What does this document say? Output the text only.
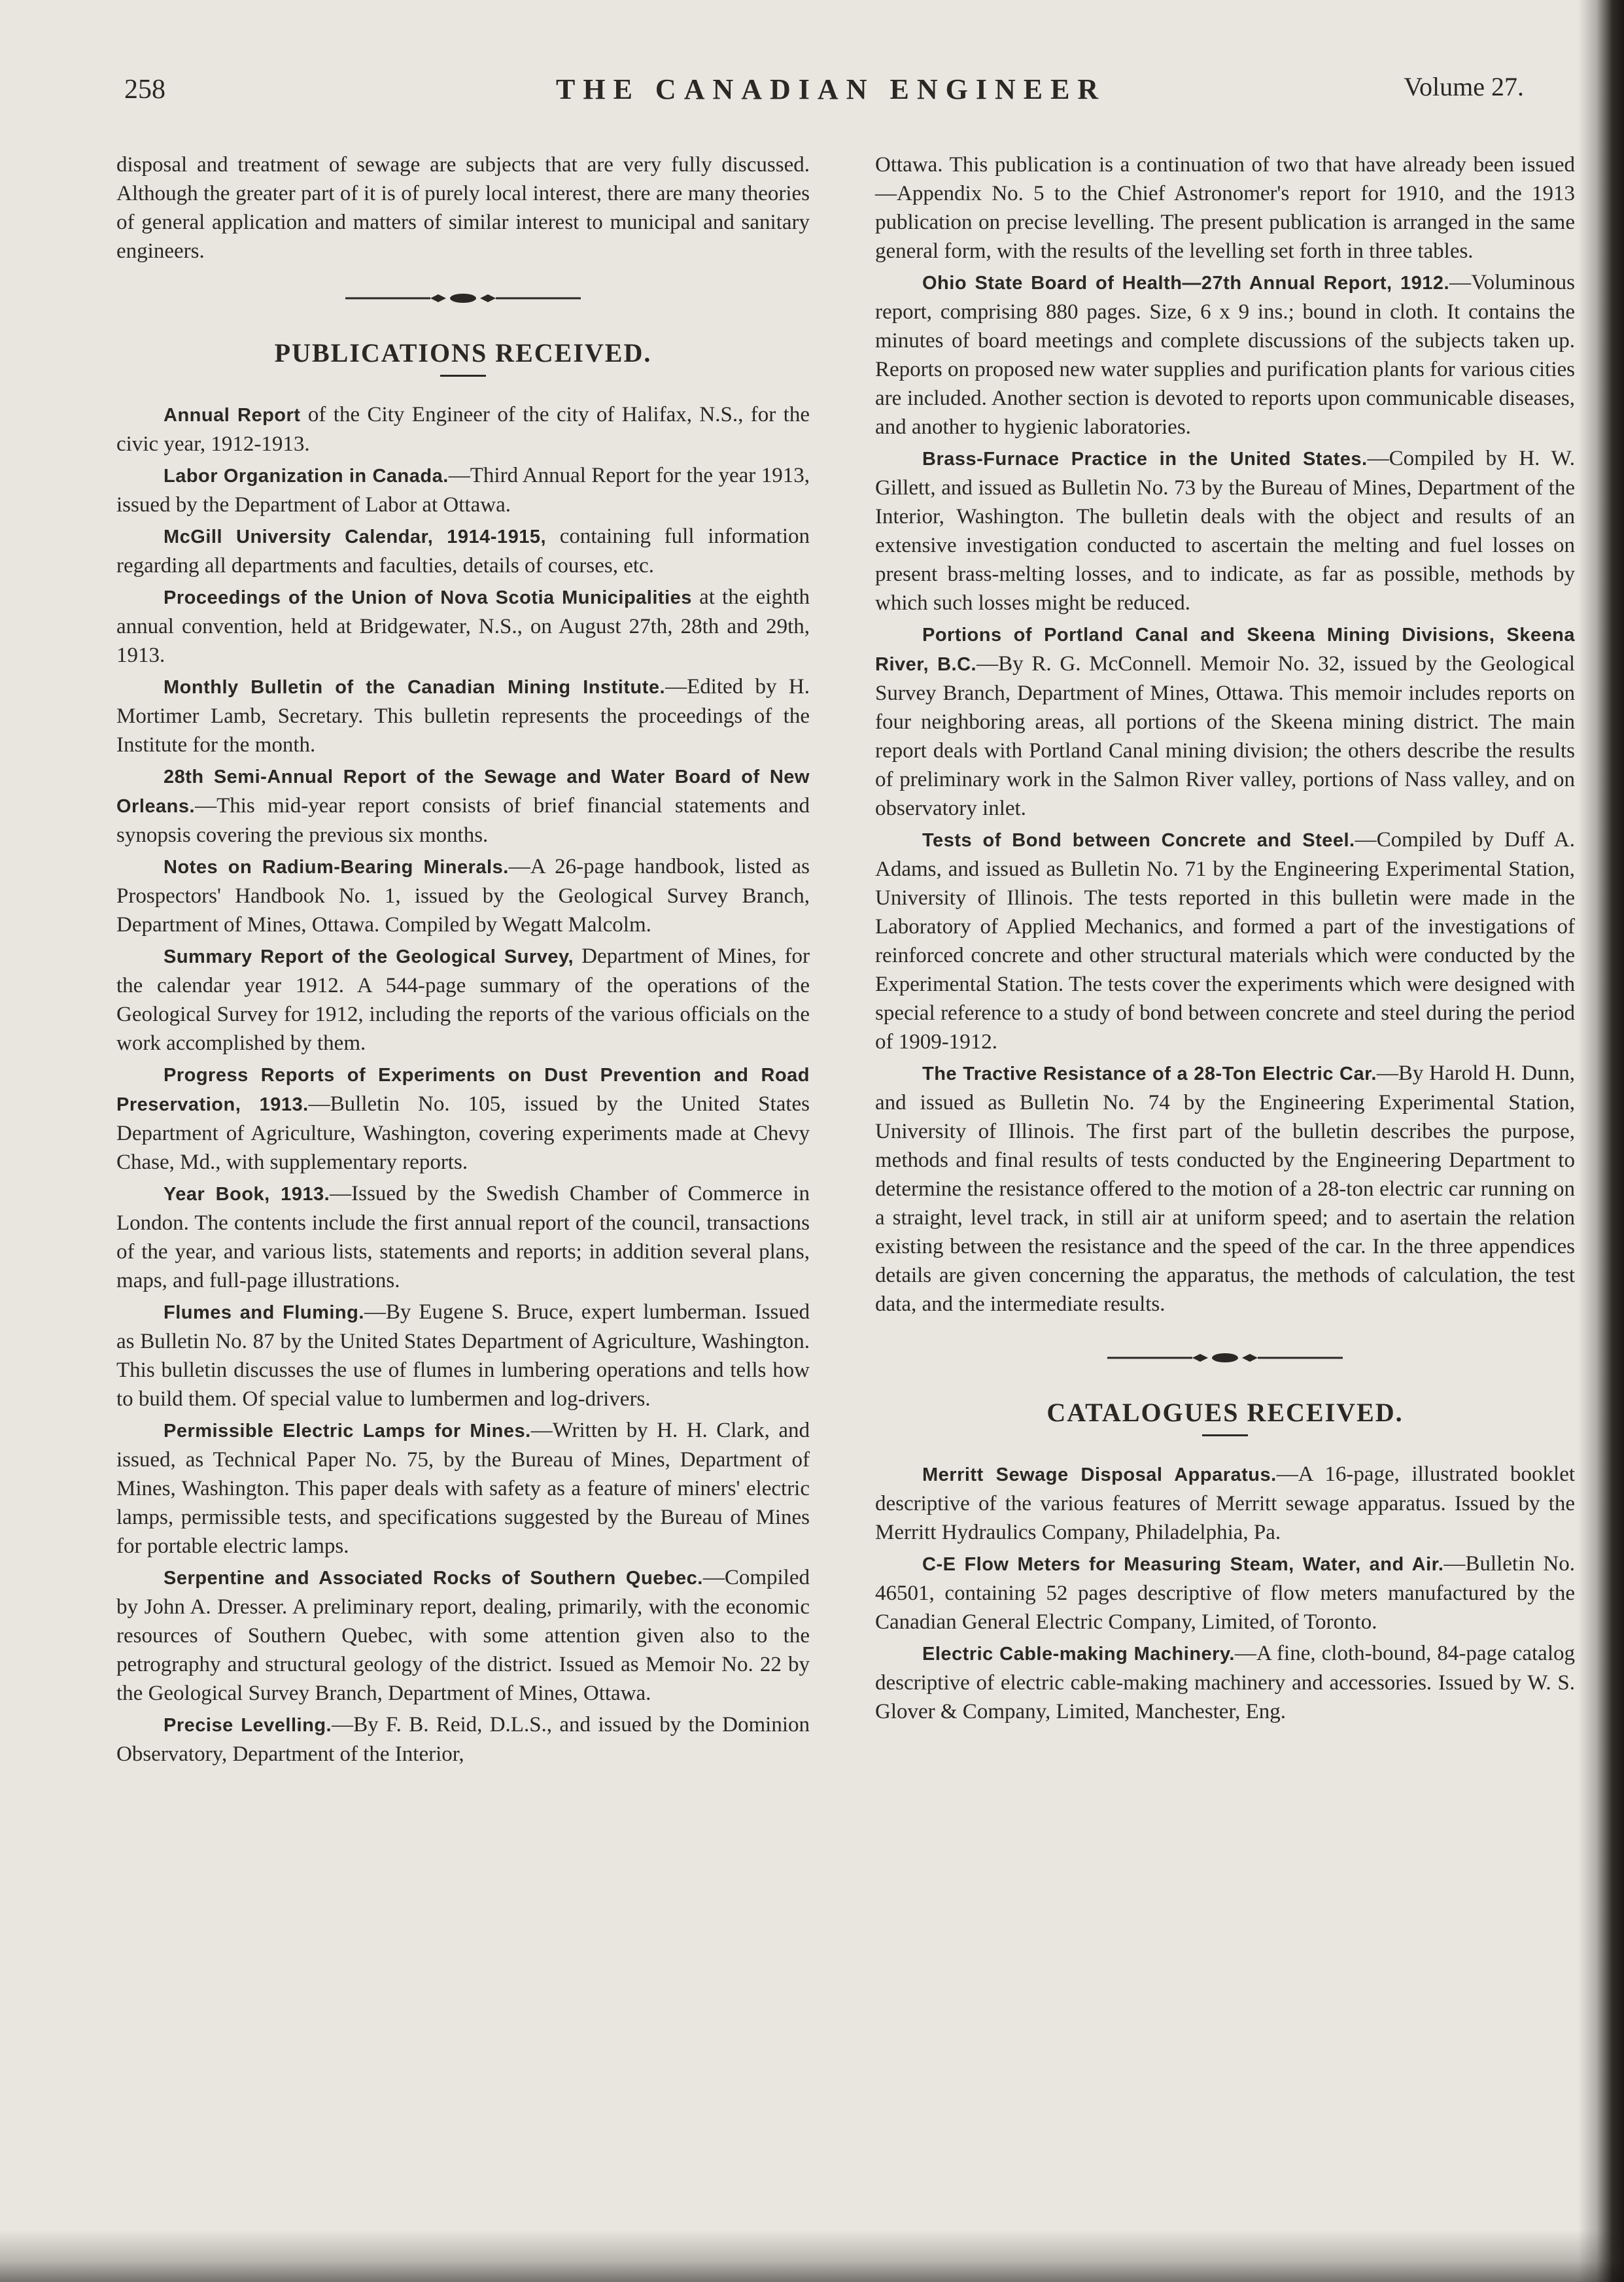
258	THE CANADIAN ENGINEER	Volume 27.

disposal and treatment of sewage are subjects that are very fully discussed. Although the greater part of it is of purely local interest, there are many theories of general application and matters of similar interest to municipal and sanitary engineers.

PUBLICATIONS RECEIVED.

Annual Report of the City Engineer of the city of Halifax, N.S., for the civic year, 1912-1913.

Labor Organization in Canada.—Third Annual Report for the year 1913, issued by the Department of Labor at Ottawa.

McGill University Calendar, 1914-1915, containing full information regarding all departments and faculties, details of courses, etc.

Proceedings of the Union of Nova Scotia Municipalities at the eighth annual convention, held at Bridgewater, N.S., on August 27th, 28th and 29th, 1913.

Monthly Bulletin of the Canadian Mining Institute.—Edited by H. Mortimer Lamb, Secretary. This bulletin represents the proceedings of the Institute for the month.

28th Semi-Annual Report of the Sewage and Water Board of New Orleans.—This mid-year report consists of brief financial statements and synopsis covering the previous six months.

Notes on Radium-Bearing Minerals.—A 26-page handbook, listed as Prospectors' Handbook No. 1, issued by the Geological Survey Branch, Department of Mines, Ottawa. Compiled by Wegatt Malcolm.

Summary Report of the Geological Survey, Department of Mines, for the calendar year 1912. A 544-page summary of the operations of the Geological Survey for 1912, including the reports of the various officials on the work accomplished by them.

Progress Reports of Experiments on Dust Prevention and Road Preservation, 1913.—Bulletin No. 105, issued by the United States Department of Agriculture, Washington, covering experiments made at Chevy Chase, Md., with supplementary reports.

Year Book, 1913.—Issued by the Swedish Chamber of Commerce in London. The contents include the first annual report of the council, transactions of the year, and various lists, statements and reports; in addition several plans, maps, and full-page illustrations.

Flumes and Fluming.—By Eugene S. Bruce, expert lumberman. Issued as Bulletin No. 87 by the United States Department of Agriculture, Washington. This bulletin discusses the use of flumes in lumbering operations and tells how to build them. Of special value to lumbermen and log-drivers.

Permissible Electric Lamps for Mines.—Written by H. H. Clark, and issued, as Technical Paper No. 75, by the Bureau of Mines, Department of Mines, Washington. This paper deals with safety as a feature of miners' electric lamps, permissible tests, and specifications suggested by the Bureau of Mines for portable electric lamps.

Serpentine and Associated Rocks of Southern Quebec.—Compiled by John A. Dresser. A preliminary report, dealing, primarily, with the economic resources of Southern Quebec, with some attention given also to the petrography and structural geology of the district. Issued as Memoir No. 22 by the Geological Survey Branch, Department of Mines, Ottawa.

Precise Levelling.—By F. B. Reid, D.L.S., and issued by the Dominion Observatory, Department of the Interior,

Ottawa. This publication is a continuation of two that have already been issued—Appendix No. 5 to the Chief Astronomer's report for 1910, and the 1913 publication on precise levelling. The present publication is arranged in the same general form, with the results of the levelling set forth in three tables.

Ohio State Board of Health—27th Annual Report, 1912.—Voluminous report, comprising 880 pages. Size, 6 x 9 ins.; bound in cloth. It contains the minutes of board meetings and complete discussions of the subjects taken up. Reports on proposed new water supplies and purification plants for various cities are included. Another section is devoted to reports upon communicable diseases, and another to hygienic laboratories.

Brass-Furnace Practice in the United States.—Compiled by H. W. Gillett, and issued as Bulletin No. 73 by the Bureau of Mines, Department of the Interior, Washington. The bulletin deals with the object and results of an extensive investigation conducted to ascertain the melting and fuel losses on present brass-melting losses, and to indicate, as far as possible, methods by which such losses might be reduced.

Portions of Portland Canal and Skeena Mining Divisions, Skeena River, B.C.—By R. G. McConnell. Memoir No. 32, issued by the Geological Survey Branch, Department of Mines, Ottawa. This memoir includes reports on four neighboring areas, all portions of the Skeena mining district. The main report deals with Portland Canal mining division; the others describe the results of preliminary work in the Salmon River valley, portions of Nass valley, and on observatory inlet.

Tests of Bond between Concrete and Steel.—Compiled by Duff A. Adams, and issued as Bulletin No. 71 by the Engineering Experimental Station, University of Illinois. The tests reported in this bulletin were made in the Laboratory of Applied Mechanics, and formed a part of the investigations of reinforced concrete and other structural materials which were conducted by the Experimental Station. The tests cover the experiments which were designed with special reference to a study of bond between concrete and steel during the period of 1909-1912.

The Tractive Resistance of a 28-Ton Electric Car.—By Harold H. Dunn, and issued as Bulletin No. 74 by the Engineering Experimental Station, University of Illinois. The first part of the bulletin describes the purpose, methods and final results of tests conducted by the Engineering Department to determine the resistance offered to the motion of a 28-ton electric car running on a straight, level track, in still air at uniform speed; and to asertain the relation existing between the resistance and the speed of the car. In the three appendices details are given concerning the apparatus, the methods of calculation, the test data, and the intermediate results.

CATALOGUES RECEIVED.

Merritt Sewage Disposal Apparatus.—A 16-page, illustrated booklet descriptive of the various features of Merritt sewage apparatus. Issued by the Merritt Hydraulics Company, Philadelphia, Pa.

C-E Flow Meters for Measuring Steam, Water, and Air.—Bulletin No. 46501, containing 52 pages descriptive of flow meters manufactured by the Canadian General Electric Company, Limited, of Toronto.

Electric Cable-making Machinery.—A fine, cloth-bound, 84-page catalog descriptive of electric cable-making machinery and accessories. Issued by W. S. Glover & Company, Limited, Manchester, Eng.
